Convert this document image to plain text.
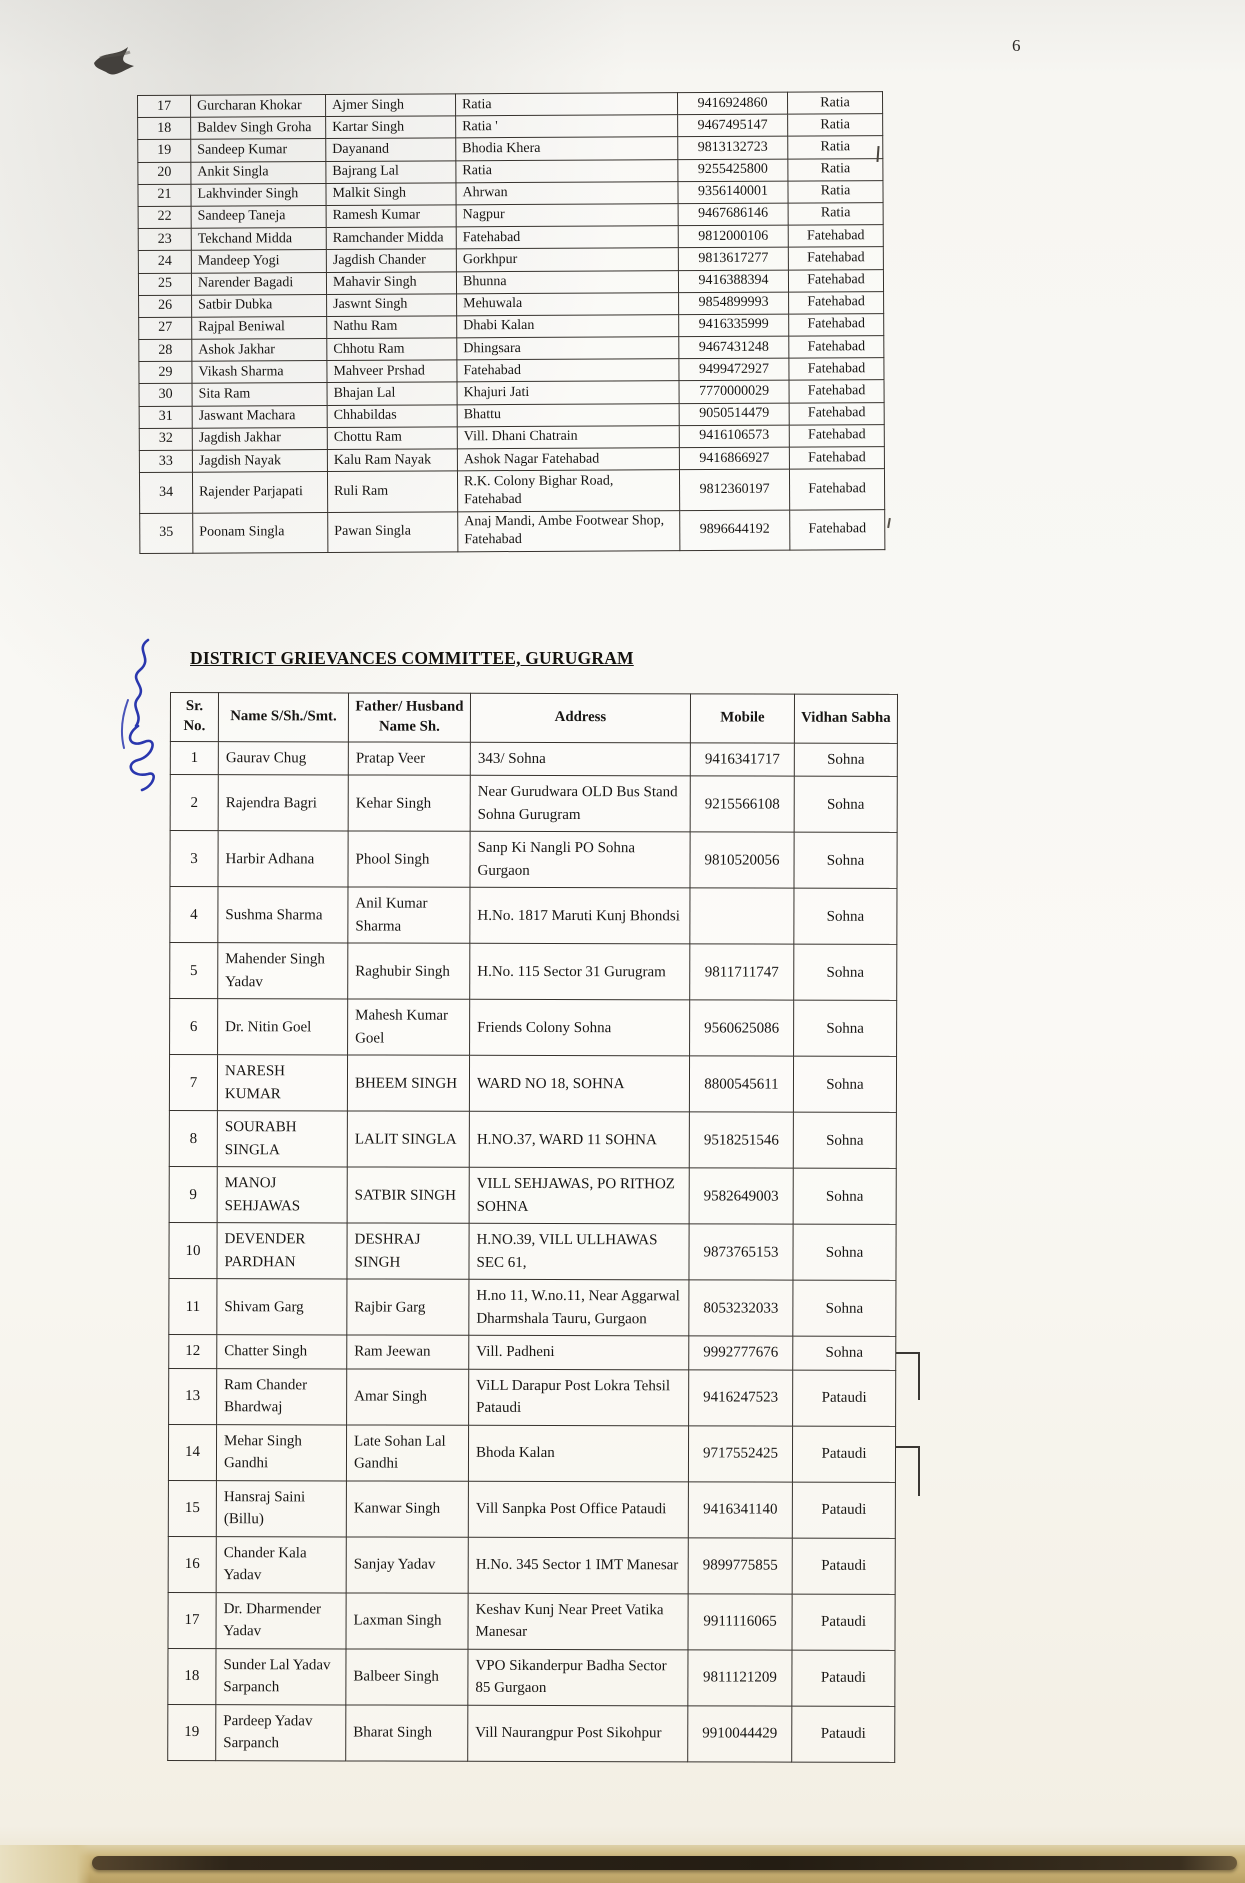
6
17	Gurcharan Khokar	Ajmer Singh	Ratia	9416924860	Ratia
18	Baldev Singh Groha	Kartar Singh	Ratia '	9467495147	Ratia
19	Sandeep Kumar	Dayanand	Bhodia Khera	9813132723	Ratia
20	Ankit Singla	Bajrang Lal	Ratia	9255425800	Ratia
21	Lakhvinder Singh	Malkit Singh	Ahrwan	9356140001	Ratia
22	Sandeep Taneja	Ramesh Kumar	Nagpur	9467686146	Ratia
23	Tekchand Midda	Ramchander Midda	Fatehabad	9812000106	Fatehabad
24	Mandeep Yogi	Jagdish Chander	Gorkhpur	9813617277	Fatehabad
25	Narender Bagadi	Mahavir Singh	Bhunna	9416388394	Fatehabad
26	Satbir Dubka	Jaswnt Singh	Mehuwala	9854899993	Fatehabad
27	Rajpal Beniwal	Nathu Ram	Dhabi Kalan	9416335999	Fatehabad
28	Ashok Jakhar	Chhotu Ram	Dhingsara	9467431248	Fatehabad
29	Vikash Sharma	Mahveer Prshad	Fatehabad	9499472927	Fatehabad
30	Sita Ram	Bhajan Lal	Khajuri Jati	7770000029	Fatehabad
31	Jaswant Machara	Chhabildas	Bhattu	9050514479	Fatehabad
32	Jagdish Jakhar	Chottu Ram	Vill. Dhani Chatrain	9416106573	Fatehabad
33	Jagdish Nayak	Kalu Ram Nayak	Ashok Nagar Fatehabad	9416866927	Fatehabad
34	Rajender Parjapati	Ruli Ram	R.K. Colony Bighar Road, Fatehabad	9812360197	Fatehabad
35	Poonam Singla	Pawan Singla	Anaj Mandi, Ambe Footwear Shop, Fatehabad	9896644192	Fatehabad
DISTRICT GRIEVANCES COMMITTEE, GURUGRAM
Sr. No.	Name S/Sh./Smt.	Father/ Husband Name Sh.	Address	Mobile	Vidhan Sabha
1	Gaurav Chug	Pratap Veer	343/ Sohna	9416341717	Sohna
2	Rajendra Bagri	Kehar Singh	Near Gurudwara OLD Bus Stand Sohna Gurugram	9215566108	Sohna
3	Harbir Adhana	Phool Singh	Sanp Ki Nangli PO Sohna Gurgaon	9810520056	Sohna
4	Sushma Sharma	Anil Kumar Sharma	H.No. 1817 Maruti Kunj Bhondsi		Sohna
5	Mahender Singh Yadav	Raghubir Singh	H.No. 115 Sector 31 Gurugram	9811711747	Sohna
6	Dr. Nitin Goel	Mahesh Kumar Goel	Friends Colony Sohna	9560625086	Sohna
7	NARESH KUMAR	BHEEM SINGH	WARD NO 18, SOHNA	8800545611	Sohna
8	SOURABH SINGLA	LALIT SINGLA	H.NO.37, WARD 11 SOHNA	9518251546	Sohna
9	MANOJ SEHJAWAS	SATBIR SINGH	VILL SEHJAWAS, PO RITHOZ SOHNA	9582649003	Sohna
10	DEVENDER PARDHAN	DESHRAJ SINGH	H.NO.39, VILL ULLHAWAS SEC 61,	9873765153	Sohna
11	Shivam Garg	Rajbir Garg	H.no 11, W.no.11, Near Aggarwal Dharmshala Tauru, Gurgaon	8053232033	Sohna
12	Chatter Singh	Ram Jeewan	Vill. Padheni	9992777676	Sohna
13	Ram Chander Bhardwaj	Amar Singh	ViLL Darapur Post Lokra Tehsil Pataudi	9416247523	Pataudi
14	Mehar Singh Gandhi	Late Sohan Lal Gandhi	Bhoda Kalan	9717552425	Pataudi
15	Hansraj Saini (Billu)	Kanwar Singh	Vill Sanpka Post Office Pataudi	9416341140	Pataudi
16	Chander Kala Yadav	Sanjay Yadav	H.No. 345 Sector 1 IMT Manesar	9899775855	Pataudi
17	Dr. Dharmender Yadav	Laxman Singh	Keshav Kunj Near Preet Vatika Manesar	9911116065	Pataudi
18	Sunder Lal Yadav Sarpanch	Balbeer Singh	VPO Sikanderpur Badha Sector 85 Gurgaon	9811121209	Pataudi
19	Pardeep Yadav Sarpanch	Bharat Singh	Vill Naurangpur Post Sikohpur	9910044429	Pataudi
